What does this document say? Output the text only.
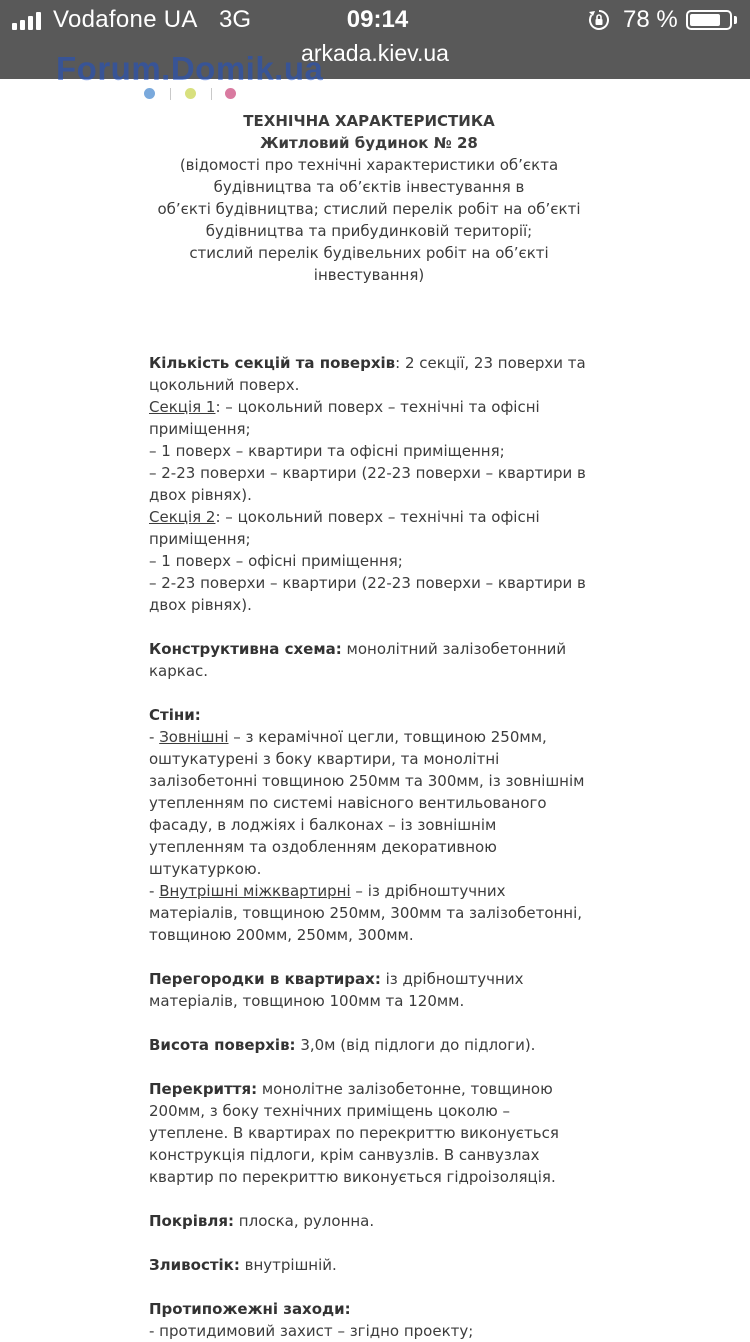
Vodafone UA 3G	09:14	78 %
arkada.kiev.ua
Forum.Domik.ua
ТЕХНІЧНА ХАРАКТЕРИСТИКА
Житловий будинок № 28
(відомості про технічні характеристики об’єкта
будівництва та об’єктів інвестування в
об’єкті будівництва; стислий перелік робіт на об’єкті
будівництва та прибудинковій території;
стислий перелік будівельних робіт на об’єкті
інвестування)
Кількість секцій та поверхів: 2 секції, 23 поверхи та цокольний поверх.
Секція 1: – цокольний поверх – технічні та офісні приміщення;
– 1 поверх – квартири та офісні приміщення;
– 2-23 поверхи – квартири (22-23 поверхи – квартири в двох рівнях).
Секція 2: – цокольний поверх – технічні та офісні приміщення;
– 1 поверх – офісні приміщення;
– 2-23 поверхи – квартири (22-23 поверхи – квартири в двох рівнях).
Конструктивна схема: монолітний залізобетонний каркас.
Стіни:
- Зовнішні – з керамічної цегли, товщиною 250мм, оштукатурені з боку квартири, та монолітні залізобетонні товщиною 250мм та 300мм, із зовнішнім утепленням по системі навісного вентильованого фасаду, в лоджіях і балконах – із зовнішнім утепленням та оздобленням декоративною штукатуркою.
- Внутрішні міжквартирні – із дрібноштучних матеріалів, товщиною 250мм, 300мм та залізобетонні, товщиною 200мм, 250мм, 300мм.
Перегородки в квартирах: із дрібноштучних матеріалів, товщиною 100мм та 120мм.
Висота поверхів: 3,0м (від підлоги до підлоги).
Перекриття: монолітне залізобетонне, товщиною 200мм, з боку технічних приміщень цоколю – утеплене. В квартирах по перекриттю виконується конструкція підлоги, крім санвузлів. В санвузлах квартир по перекриттю виконується гідроізоляція.
Покрівля: плоска, рулонна.
Зливостік: внутрішній.
Протипожежні заходи:
- протидимовий захист – згідно проекту;
